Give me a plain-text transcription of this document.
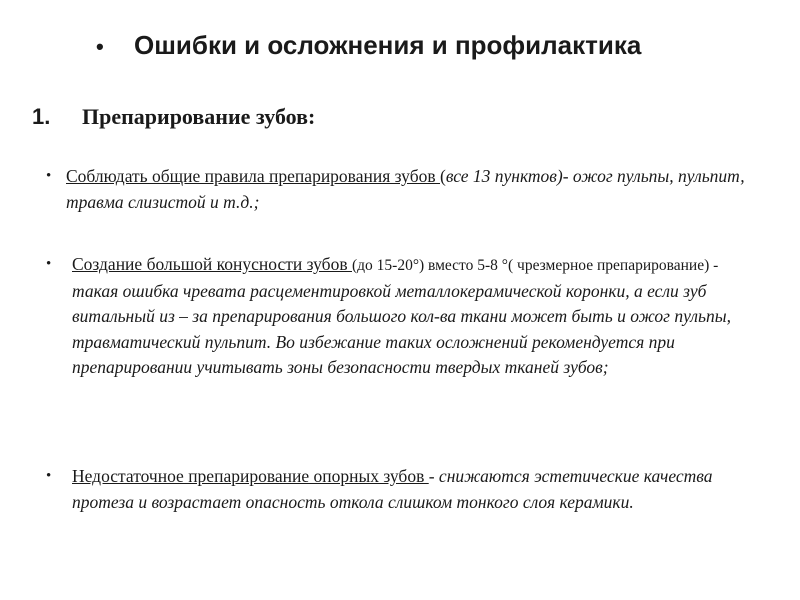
•	Ошибки и осложнения и профилактика
1.	Препарирование зубов:
• Соблюдать общие правила препарирования зубов (все 13 пунктов)- ожог пульпы, пульпит, травма слизистой и т.д.;
•	Создание большой конусности зубов (до 15-20°) вместо 5-8 °( чрезмерное препарирование) - такая ошибка чревата расцементировкой металлокерамической коронки, а если зуб витальный из – за препарирования большого кол-ва ткани может быть и ожог пульпы, травматический пульпит. Во избежание таких осложнений рекомендуется при препарировании учитывать зоны безопасности твердых тканей зубов;
•	Недостаточное препарирование опорных зубов - снижаются эстетические качества протеза и возрастает опасность откола слишком тонкого слоя керамики.
